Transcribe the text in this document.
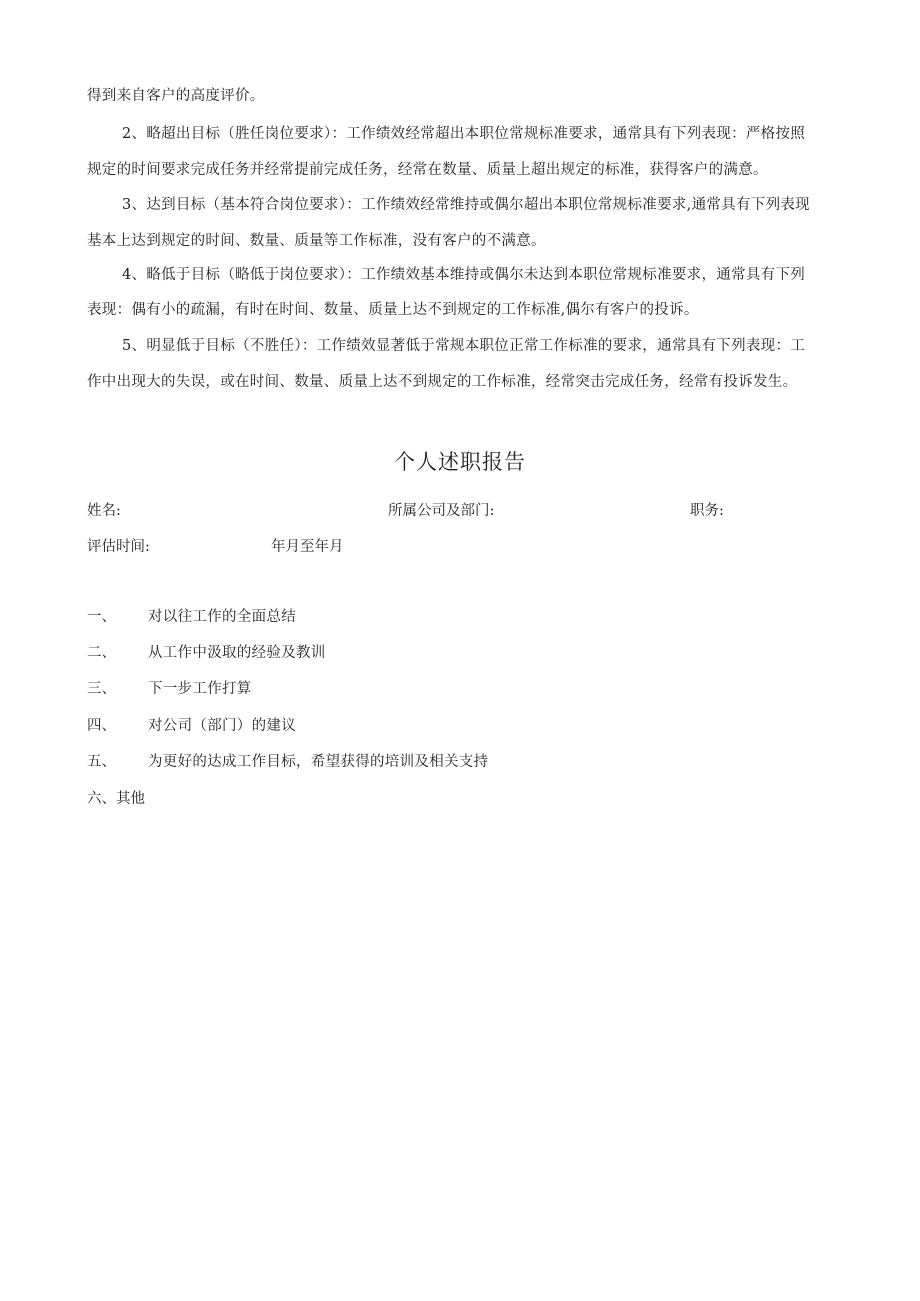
得到来自客户的高度评价。
2、略超出目标（胜任岗位要求）：工作绩效经常超出本职位常规标准要求，通常具有下列表现：严格按照
规定的时间要求完成任务并经常提前完成任务，经常在数量、质量上超出规定的标准，获得客户的满意。
3、达到目标（基本符合岗位要求）：工作绩效经常维持或偶尔超出本职位常规标准要求,通常具有下列表现
基本上达到规定的时间、数量、质量等工作标准，没有客户的不满意。
4、略低于目标（略低于岗位要求）：工作绩效基本维持或偶尔未达到本职位常规标准要求，通常具有下列
表现：偶有小的疏漏，有时在时间、数量、质量上达不到规定的工作标准,偶尔有客户的投诉。
5、明显低于目标（不胜任）：工作绩效显著低于常规本职位正常工作标准的要求，通常具有下列表现：工
作中出现大的失误，或在时间、数量、质量上达不到规定的工作标准，经常突击完成任务，经常有投诉发生。
个人述职报告
姓名:	所属公司及部门:	职务:
评估时间:	年月至年月
一、 对以往工作的全面总结
二、 从工作中汲取的经验及教训
三、 下一步工作打算
四、 对公司（部门）的建议
五、 为更好的达成工作目标，希望获得的培训及相关支持
六、其他
